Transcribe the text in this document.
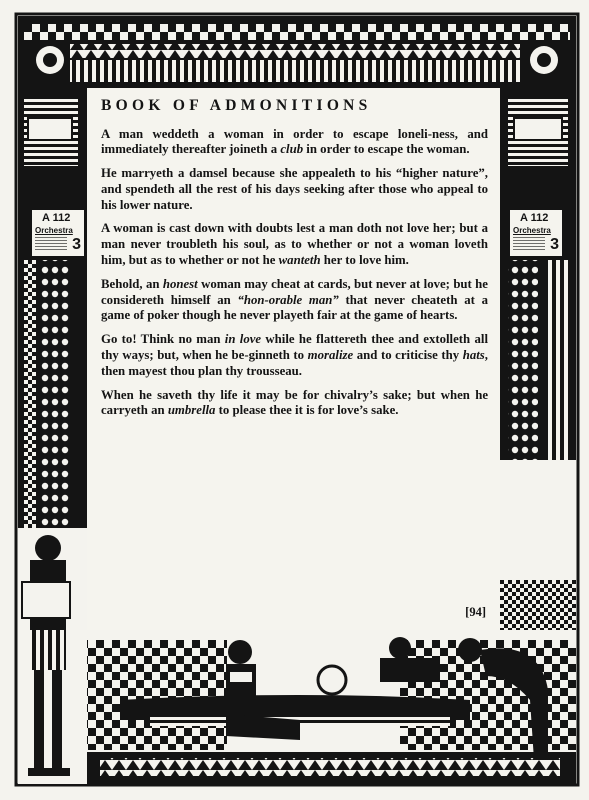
A 112
Orchestra
3
A 112
Orchestra
3
BOOK OF ADMONITIONS

A man weddeth a woman in order to escape loneli-ness, and immediately thereafter joineth a club in order to escape the woman.

He marryeth a damsel because she appealeth to his “higher nature”, and spendeth all the rest of his days seeking after those who appeal to his lower nature.

A woman is cast down with doubts lest a man doth not love her; but a man never troubleth his soul, as to whether or not a woman loveth him, but as to whether or not he wanteth her to love him.

Behold, an honest woman may cheat at cards, but never at love; but he considereth himself an “hon-orable man” that never cheateth at a game of poker though he never playeth fair at the game of hearts.

Go to! Think no man in love while he flattereth thee and extolleth all thy ways; but, when he be-ginneth to moralize and to criticise thy hats, then mayest thou plan thy trousseau.

When he saveth thy life it may be for chivalry’s sake; but when he carryeth an umbrella to please thee it is for love’s sake.

[94]
